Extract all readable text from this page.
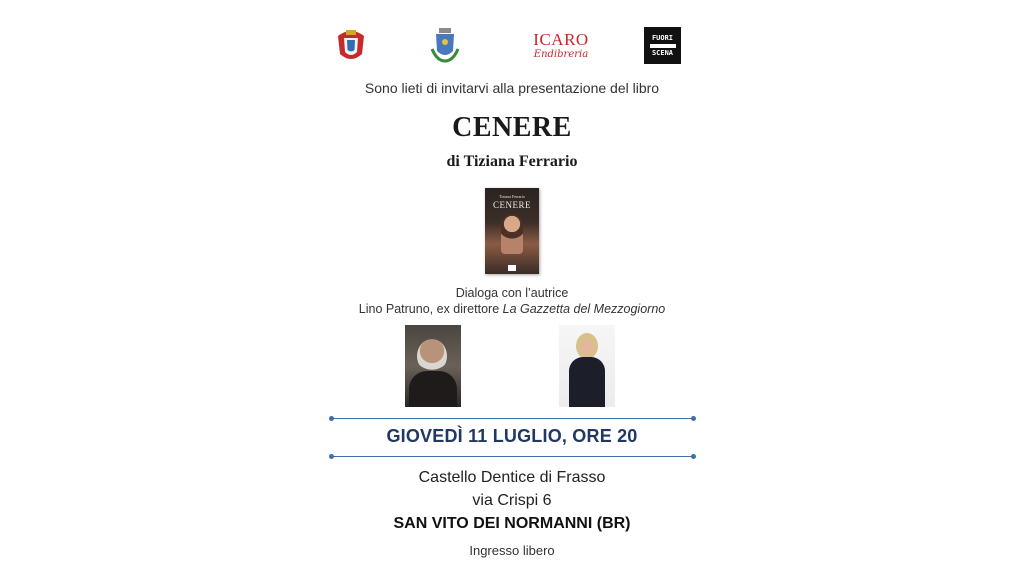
ICARO
Endibreria
FUORI
SCENA
Sono lieti di invitarvi alla presentazione del libro
CENERE
di Tiziana Ferrario
Tiziana Ferrario
CENERE
Dialoga con l’autrice
Lino Patruno, ex direttore La Gazzetta del Mezzogiorno
GIOVEDÌ 11 LUGLIO, ORE 20
Castello Dentice di Frasso
via Crispi 6
SAN VITO DEI NORMANNI (BR)
Ingresso libero
